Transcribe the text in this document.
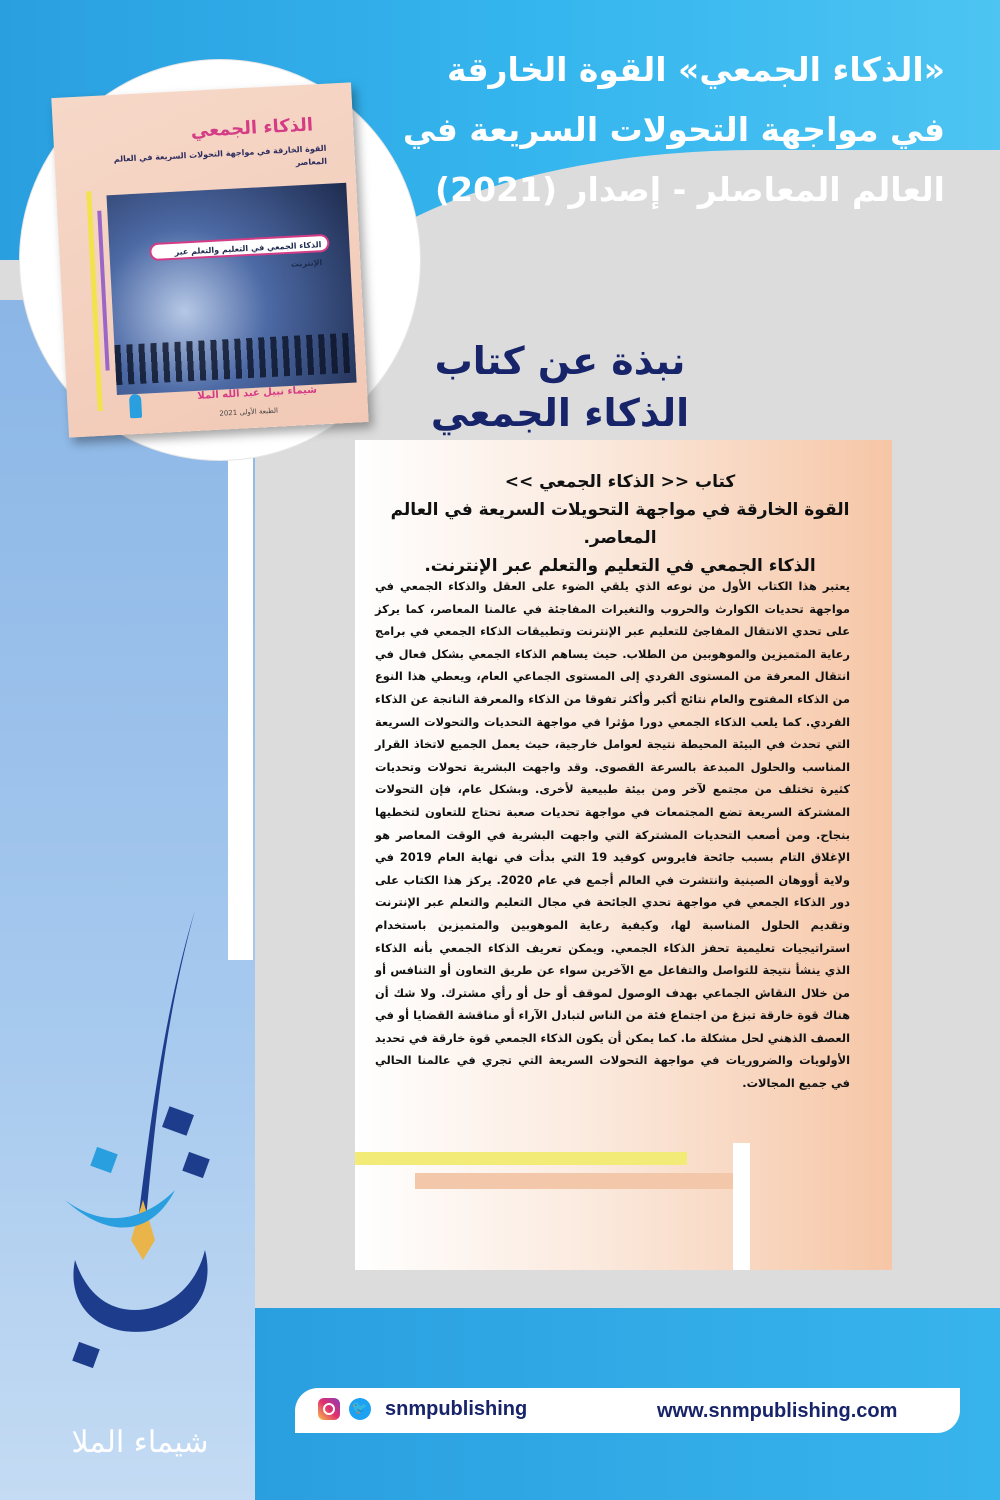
«الذكاء الجمعي» القوة الخارقة في مواجهة التحولات السريعة في العالم المعاصلر - إصدار (2021)
الذكاء الجمعي
القوة الخارقة في مواجهة التحولات السريعة في العالم المعاصر
الذكاء الجمعي في التعليم والتعلم عبر الإنترنت
شيماء نبيل عبد الله الملا
الطبعة الأولى 2021
نبذة عن كتاب
الذكاء الجمعي
كتاب << الذكاء الجمعي >>
القوة الخارقة في مواجهة التحويلات السريعة في العالم المعاصر.
الذكاء الجمعي في التعليم والتعلم عبر الإنترنت.
يعتبر هذا الكتاب الأول من نوعه الذي يلقي الضوء على العقل والذكاء الجمعي في مواجهة تحديات الكوارث والحروب والتغيرات المفاجئة في عالمنا المعاصر، كما يركز على تحدي الانتقال المفاجئ للتعليم عبر الإنترنت وتطبيقات الذكاء الجمعي في برامج رعاية المتميزين والموهوبين من الطلاب. حيث يساهم الذكاء الجمعي بشكل فعال في انتقال المعرفة من المستوى الفردي إلى المستوى الجماعي العام، ويعطي هذا النوع من الذكاء المفتوح والعام نتائج أكبر وأكثر تفوقا من الذكاء والمعرفة الناتجة عن الذكاء الفردي. كما يلعب الذكاء الجمعي دورا مؤثرا في مواجهة التحديات والتحولات السريعة التي تحدث في البيئة المحيطة نتيجة لعوامل خارجية، حيث يعمل الجميع لاتخاذ القرار المناسب والحلول المبدعة بالسرعة القصوى. وقد واجهت البشرية تحولات وتحديات كثيرة تختلف من مجتمع لآخر ومن بيئة طبيعية لأخرى. وبشكل عام، فإن التحولات المشتركة السريعة تضع المجتمعات في مواجهة تحديات صعبة تحتاج للتعاون لتخطيها بنجاح. ومن أصعب التحديات المشتركة التي واجهت البشرية في الوقت المعاصر هو الإغلاق التام بسبب جائحة فايروس كوفيد 19 التي بدأت في نهاية العام 2019 في ولاية أووهان الصينية وانتشرت في العالم أجمع في عام 2020. يركز هذا الكتاب على دور الذكاء الجمعي في مواجهة تحدي الجائحة في مجال التعليم والتعلم عبر الإنترنت وتقديم الحلول المناسبة لها، وكيفية رعاية الموهوبين والمتميزين باستخدام استراتيجيات تعليمية تحفز الذكاء الجمعي. ويمكن تعريف الذكاء الجمعي بأنه الذكاء الذي ينشأ نتيجة للتواصل والتفاعل مع الآخرين سواء عن طريق التعاون أو التنافس أو من خلال النقاش الجماعي بهدف الوصول لموقف أو حل أو رأي مشترك. ولا شك أن هناك قوة خارقة تبزغ من اجتماع فئة من الناس لتبادل الآراء أو مناقشة القضايا أو في العصف الذهني لحل مشكلة ما. كما يمكن أن يكون الذكاء الجمعي قوة خارقة في تحديد الأولويات والضروريات في مواجهة التحولات السريعة التي تجري في عالمنا الحالي في جميع المجالات.
🐦 snmpublishing	www.snmpublishing.com
شيماء الملا
